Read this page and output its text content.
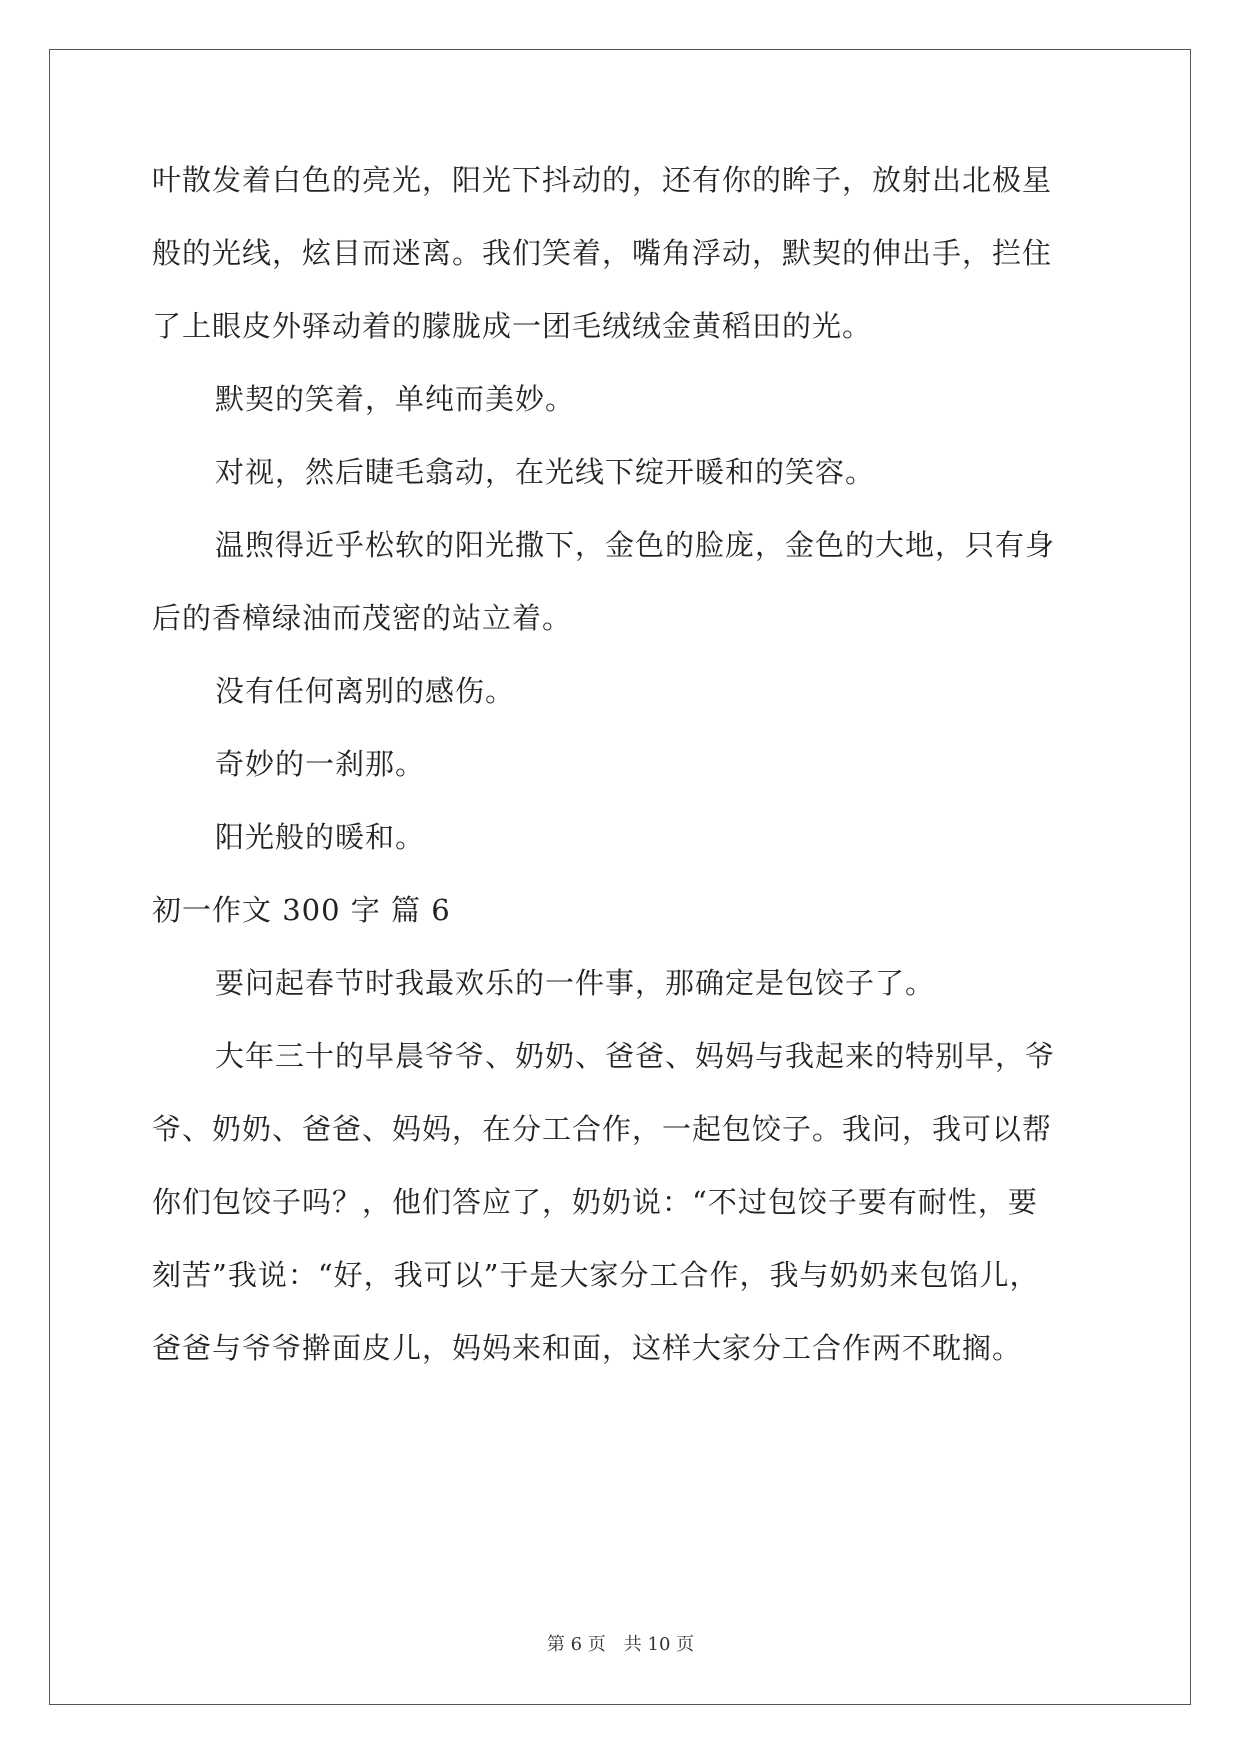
叶散发着白色的亮光，阳光下抖动的，还有你的眸子，放射出北极星
般的光线，炫目而迷离。我们笑着，嘴角浮动，默契的伸出手，拦住
了上眼皮外驿动着的朦胧成一团毛绒绒金黄稻田的光。
默契的笑着，单纯而美妙。
对视，然后睫毛翕动，在光线下绽开暖和的笑容。
温煦得近乎松软的阳光撒下，金色的脸庞，金色的大地，只有身
后的香樟绿油而茂密的站立着。
没有任何离别的感伤。
奇妙的一刹那。
阳光般的暖和。
初一作文 300 字 篇 6
要问起春节时我最欢乐的一件事，那确定是包饺子了。
大年三十的早晨爷爷、奶奶、爸爸、妈妈与我起来的特别早，爷
爷、奶奶、爸爸、妈妈，在分工合作，一起包饺子。我问，我可以帮
你们包饺子吗？，他们答应了，奶奶说：“不过包饺子要有耐性，要
刻苦”我说：“好，我可以”于是大家分工合作，我与奶奶来包馅儿，
爸爸与爷爷擀面皮儿，妈妈来和面，这样大家分工合作两不耽搁。
第 6 页 共 10 页
